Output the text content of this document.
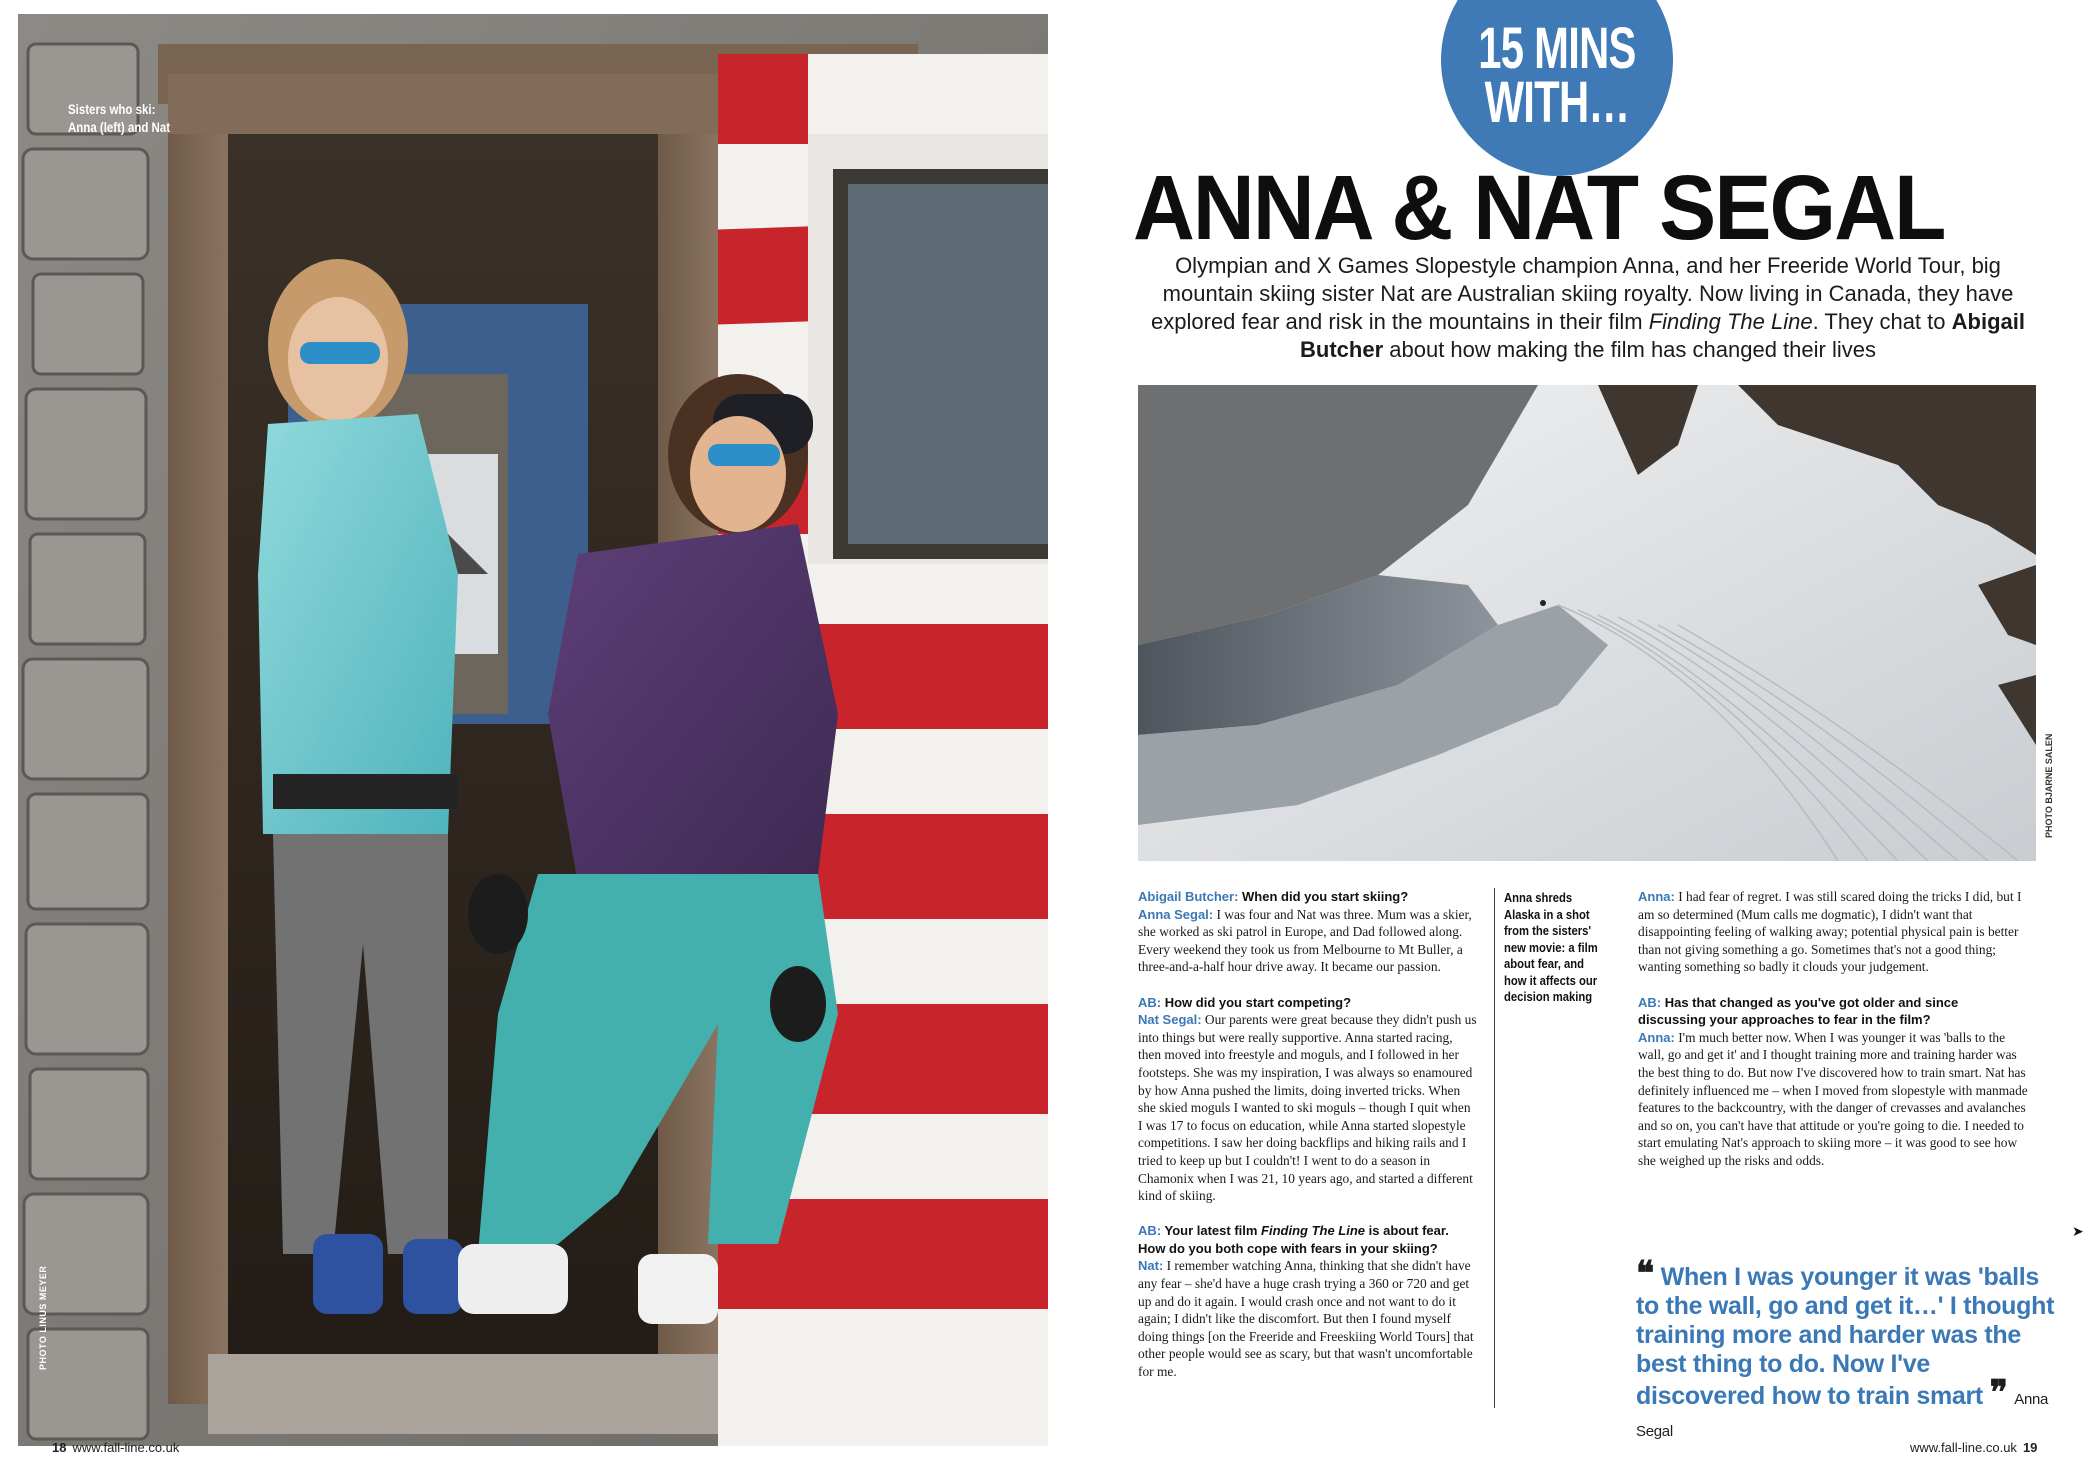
Sisters who ski:
Anna (left) and Nat
PHOTO LINUS MEYER
18 www.fall-line.co.uk
15 MINS
WITH…
ANNA & NAT SEGAL
Olympian and X Games Slopestyle champion Anna, and her Freeride World Tour, big mountain skiing sister Nat are Australian skiing royalty. Now living in Canada, they have explored fear and risk in the mountains in their film Finding The Line. They chat to Abigail Butcher about how making the film has changed their lives
PHOTO BJARNE SALEN
Abigail Butcher: When did you start skiing?

Anna Segal: I was four and Nat was three. Mum was a skier, she worked as ski patrol in Europe, and Dad followed along. Every weekend they took us from Melbourne to Mt Buller, a three-and-a-half hour drive away. It became our passion.

AB: How did you start competing?

Nat Segal: Our parents were great because they didn't push us into things but were really supportive. Anna started racing, then moved into freestyle and moguls, and I followed in her footsteps. She was my inspiration, I was always so enamoured by how Anna pushed the limits, doing inverted tricks. When she skied moguls I wanted to ski moguls – though I quit when I was 17 to focus on education, while Anna started slopestyle competitions. I saw her doing backflips and hiking rails and I tried to keep up but I couldn't! I went to do a season in Chamonix when I was 21, 10 years ago, and started a different kind of skiing.

AB: Your latest film Finding The Line is about fear. How do you both cope with fears in your skiing?

Nat: I remember watching Anna, thinking that she didn't have any fear – she'd have a huge crash trying a 360 or 720 and get up and do it again. I would crash once and not want to do it again; I didn't like the discomfort. But then I found myself doing things [on the Freeride and Freeskiing World Tours] that other people would see as scary, but that wasn't uncomfortable for me.

Anna shreds Alaska in a shot from the sisters' new movie: a film about fear, and how it affects our decision making

Anna: I had fear of regret. I was still scared doing the tricks I did, but I am so determined (Mum calls me dogmatic), I didn't want that disappointing feeling of walking away; potential physical pain is better than not giving something a go. Sometimes that's not a good thing; wanting something so badly it clouds your judgement.

AB: Has that changed as you've got older and since discussing your approaches to fear in the film?

Anna: I'm much better now. When I was younger it was 'balls to the wall, go and get it' and I thought training more and training harder was the best thing to do. But now I've discovered how to train smart. Nat has definitely influenced me – when I moved from slopestyle with manmade features to the backcountry, with the danger of crevasses and avalanches and so on, you can't have that attitude or you're going to die. I needed to start emulating Nat's approach to skiing more – it was good to see how she weighed up the risks and odds.

➤
❝ When I was younger it was 'balls to the wall, go and get it…' I thought training more and harder was the best thing to do. Now I've discovered how to train smart ❞ Anna Segal
www.fall-line.co.uk 19
